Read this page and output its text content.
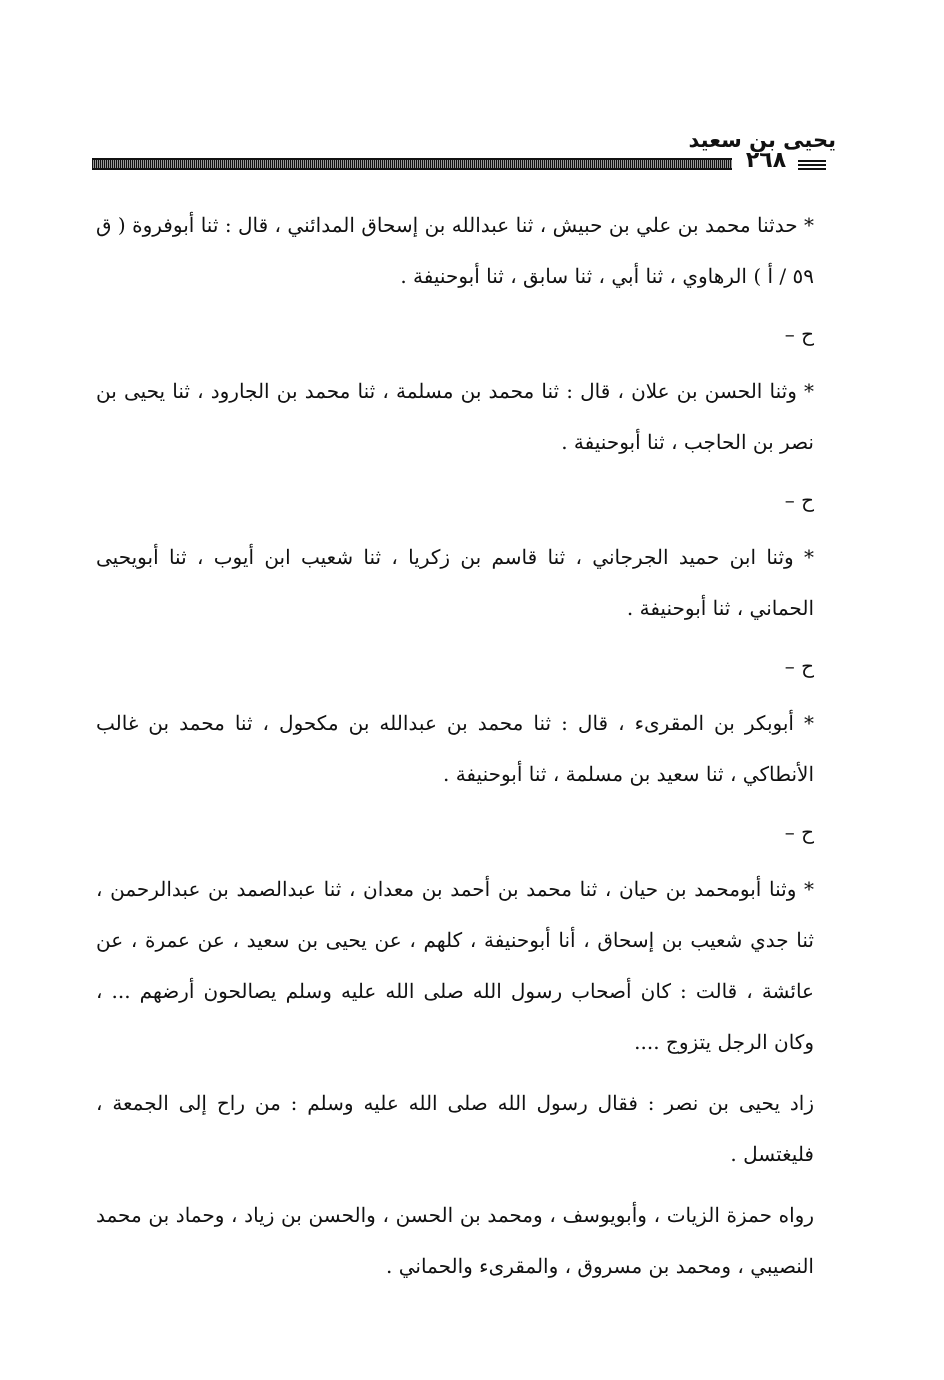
يحيى بن سعيد
٢٦٨

* حدثنا محمد بن علي بن حبيش ، ثنا عبدالله بن إسحاق المدائني ، قال : ثنا أبوفروة ( ق ٥٩ / أ ) الرهاوي ، ثنا أبي ، ثنا سابق ، ثنا أبوحنيفة .

ح –

* وثنا الحسن بن علان ، قال : ثنا محمد بن مسلمة ، ثنا محمد بن الجارود ، ثنا يحيى بن نصر بن الحاجب ، ثنا أبوحنيفة .

ح –

* وثنا ابن حميد الجرجاني ، ثنا قاسم بن زكريا ، ثنا شعيب ابن أيوب ، ثنا أبويحيى الحماني ، ثنا أبوحنيفة .

ح –

* أبوبكر بن المقرىء ، قال : ثنا محمد بن عبدالله بن مكحول ، ثنا محمد بن غالب الأنطاكي ، ثنا سعيد بن مسلمة ، ثنا أبوحنيفة .

ح –

* وثنا أبومحمد بن حيان ، ثنا محمد بن أحمد بن معدان ، ثنا عبدالصمد بن عبدالرحمن ، ثنا جدي شعيب بن إسحاق ، أنا أبوحنيفة ، كلهم ، عن يحيى بن سعيد ، عن عمرة ، عن عائشة ، قالت : كان أصحاب رسول الله صلى الله عليه وسلم يصالحون أرضهم ... ، وكان الرجل يتزوج ....

زاد يحيى بن نصر : فقال رسول الله صلى الله عليه وسلم : من راح إلى الجمعة ، فليغتسل .

رواه حمزة الزيات ، وأبويوسف ، ومحمد بن الحسن ، والحسن بن زياد ، وحماد بن محمد النصيبي ، ومحمد بن مسروق ، والمقرىء والحماني .
